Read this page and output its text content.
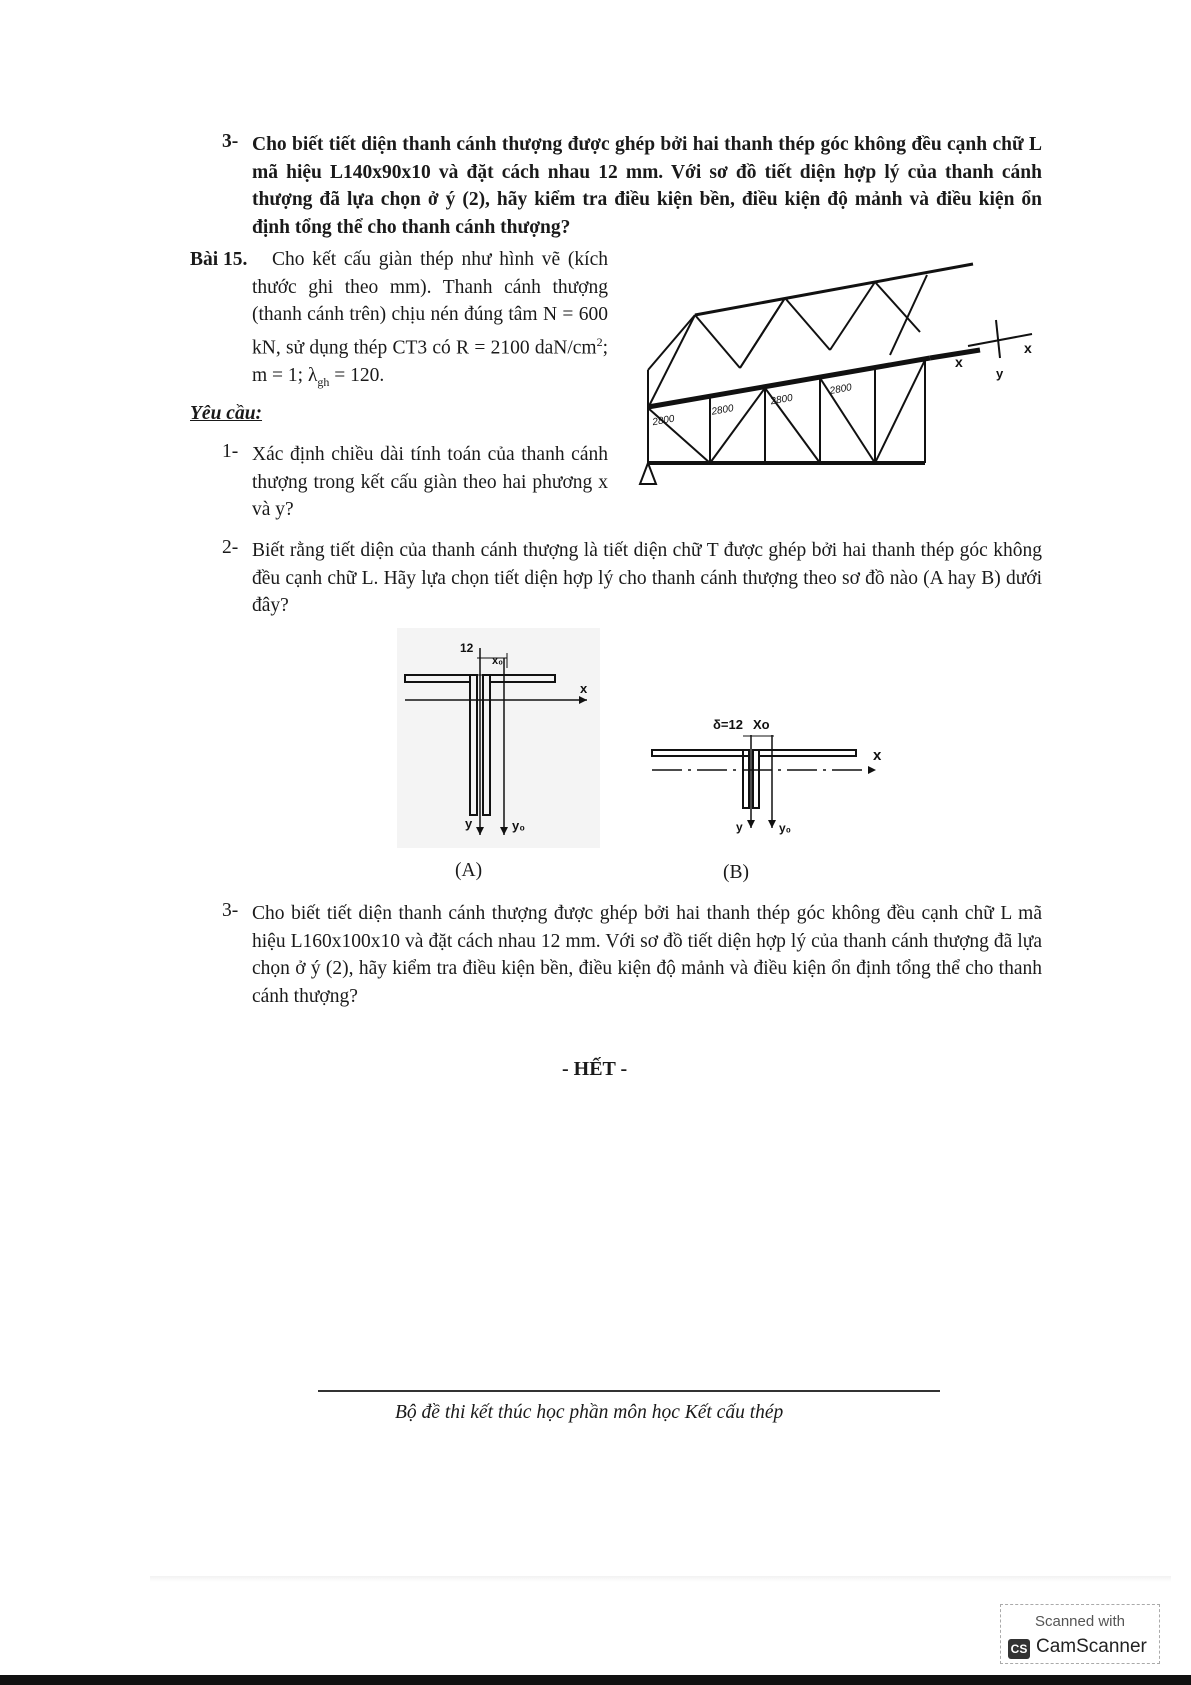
3- Cho biết tiết diện thanh cánh thượng được ghép bởi hai thanh thép góc không đều cạnh chữ L mã hiệu L140x90x10 và đặt cách nhau 12 mm. Với sơ đồ tiết diện hợp lý của thanh cánh thượng đã lựa chọn ở ý (2), hãy kiểm tra điều kiện bền, điều kiện độ mảnh và điều kiện ổn định tổng thể cho thanh cánh thượng?
Bài 15.	Cho kết cấu giàn thép như hình vẽ (kích thước ghi theo mm). Thanh cánh thượng (thanh cánh trên) chịu nén đúng tâm N = 600 kN, sử dụng thép CT3 có R = 2100 daN/$cm^2$; m = 1; $\lambda_{gh} = 120$.
Yêu cầu:
1- Xác định chiều dài tính toán của thanh cánh thượng trong kết cấu giàn theo hai phương x và y?
2- Biết rằng tiết diện của thanh cánh thượng là tiết diện chữ T được ghép bởi hai thanh thép góc không đều cạnh chữ L. Hãy lựa chọn tiết diện hợp lý cho thanh cánh thượng theo sơ đồ nào (A hay B) dưới đây?
2800
2800
2800
2800
x
x
y
x
y	y₀
12
x₀
x
y	y₀
δ=12 Xo
(A)	(B)
3- Cho biết tiết diện thanh cánh thượng được ghép bởi hai thanh thép góc không đều cạnh chữ L mã hiệu L160x100x10 và đặt cách nhau 12 mm. Với sơ đồ tiết diện hợp lý của thanh cánh thượng đã lựa chọn ở ý (2), hãy kiểm tra điều kiện bền, điều kiện độ mảnh và điều kiện ổn định tổng thể cho thanh cánh thượng?
- HẾT -
Bộ đề thi kết thúc học phần môn học Kết cấu thép
Scanned with
CS CamScanner
